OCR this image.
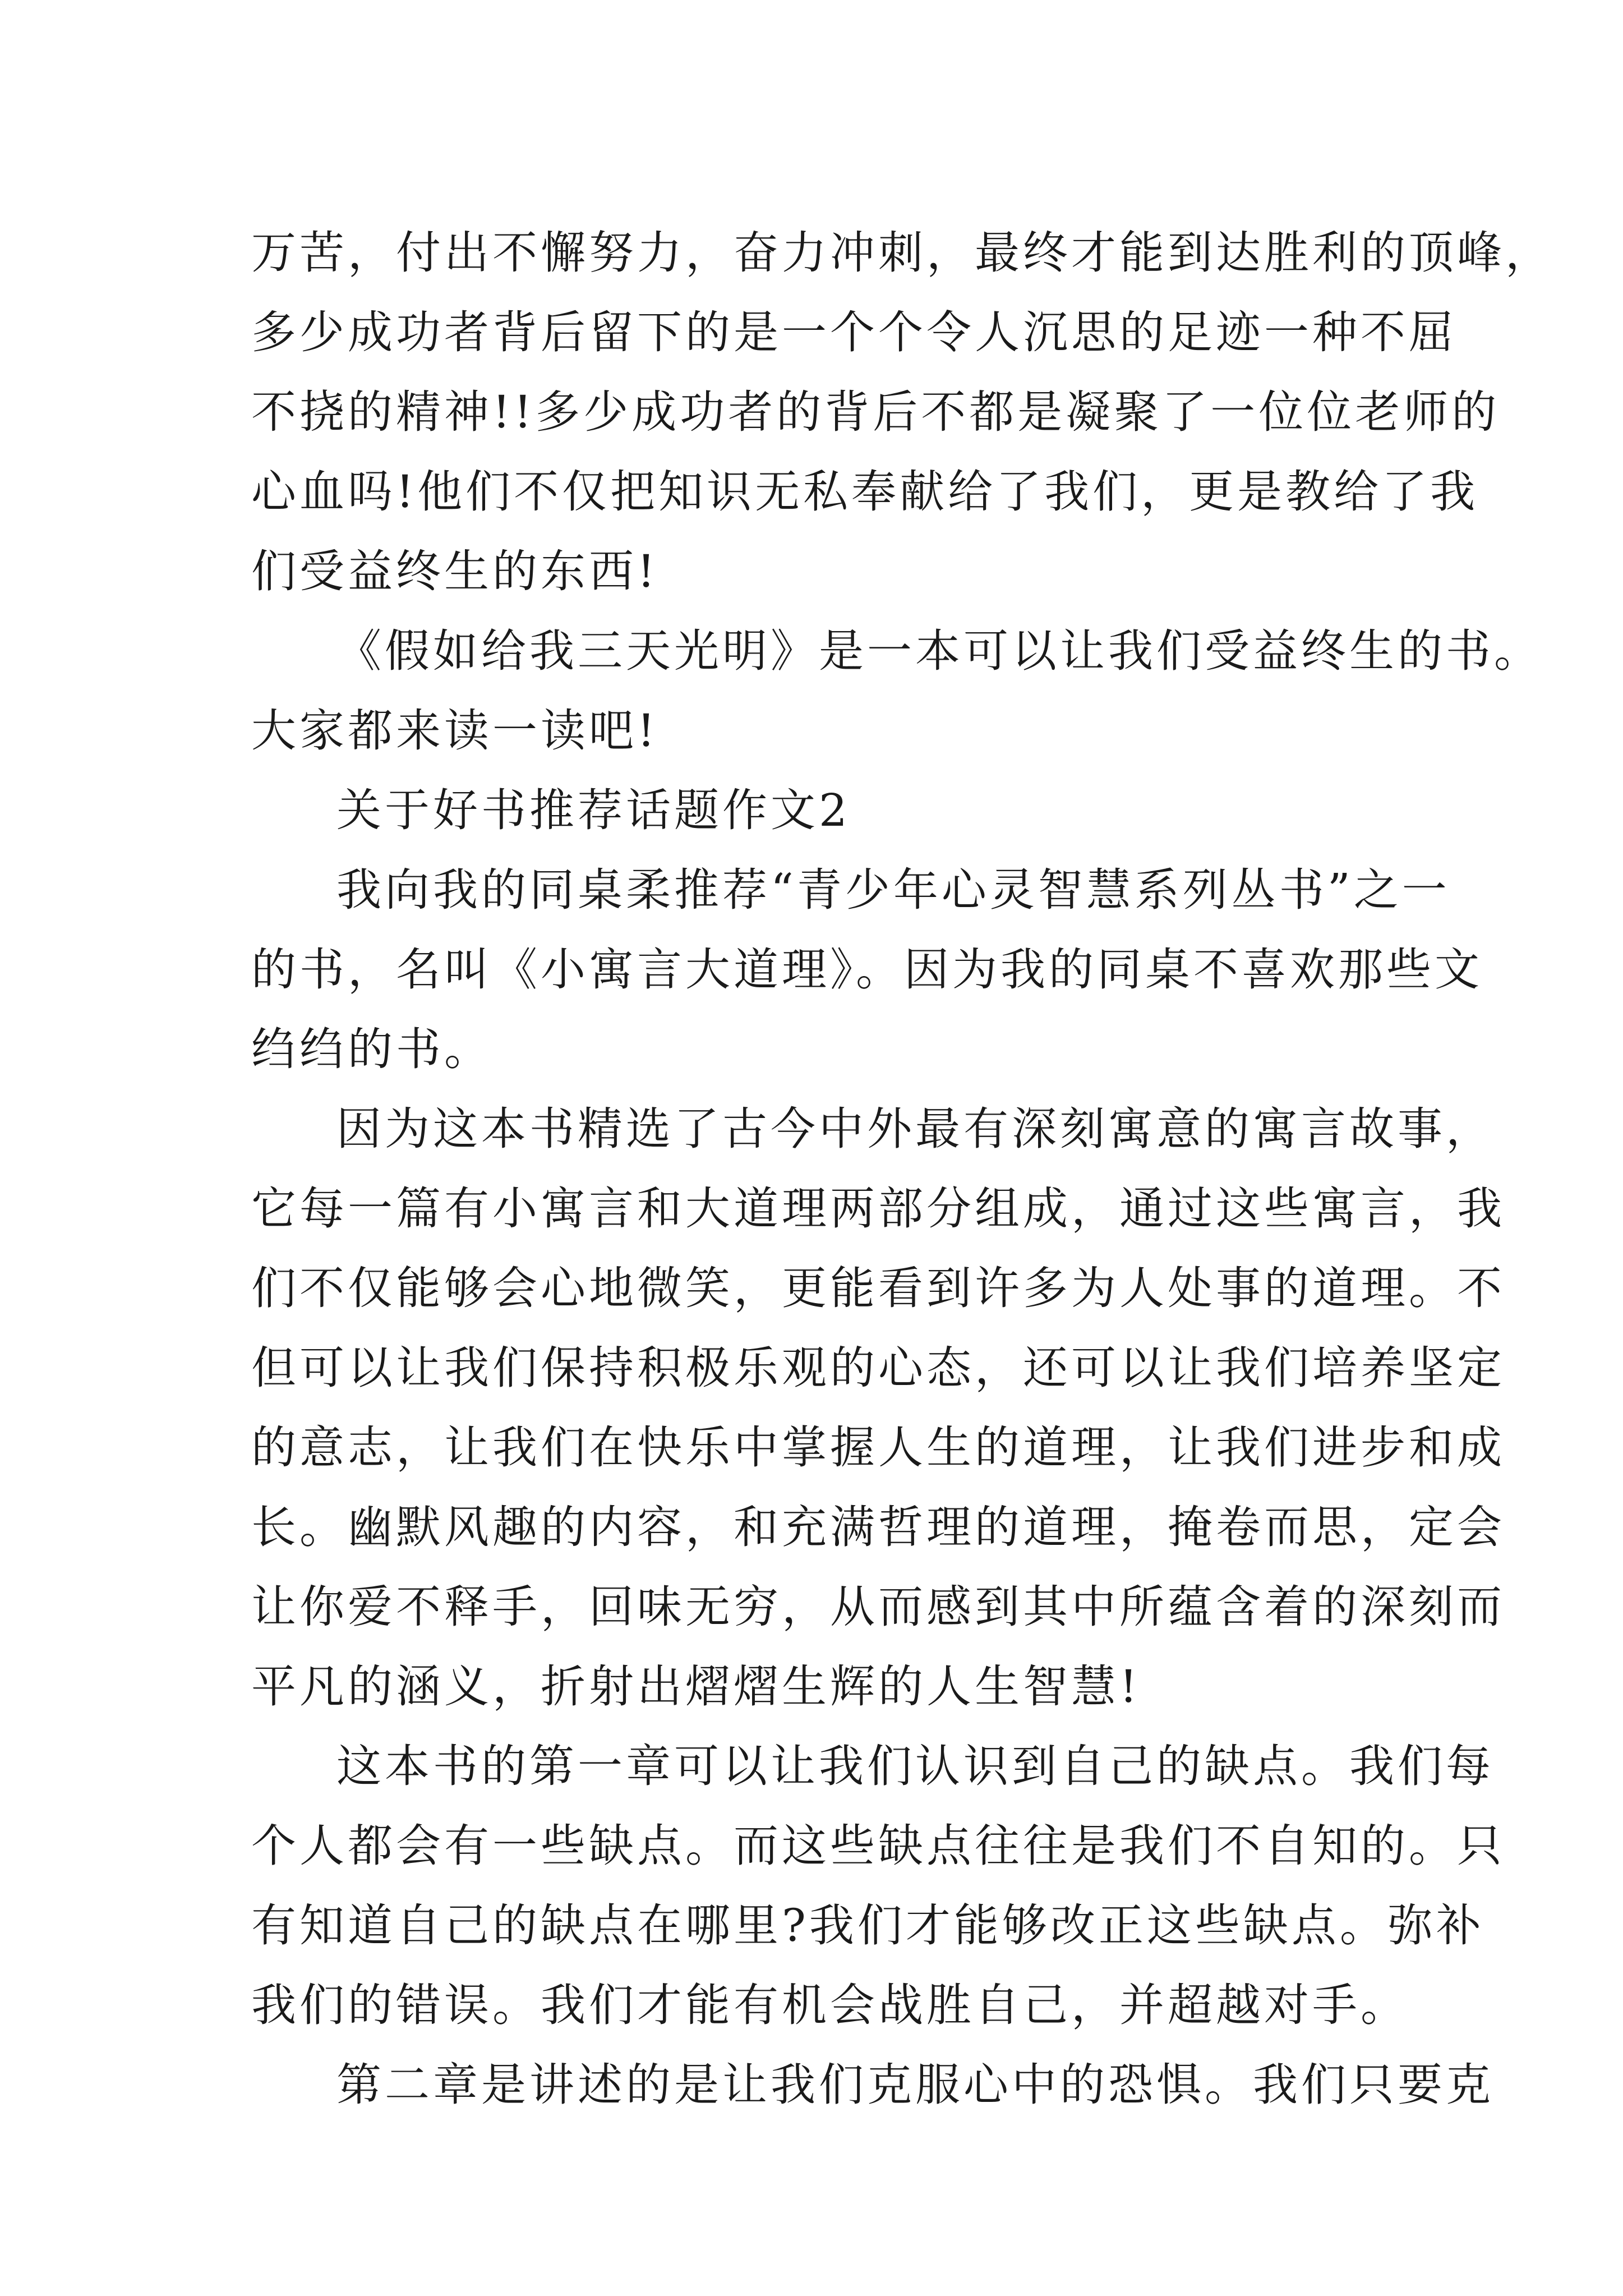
万苦，付出不懈努力，奋力冲刺，最终才能到达胜利的顶峰，
多少成功者背后留下的是一个个令人沉思的足迹一种不屈
不挠的精神!!多少成功者的背后不都是凝聚了一位位老师的
心血吗!他们不仅把知识无私奉献给了我们，更是教给了我
们受益终生的东西!
《假如给我三天光明》是一本可以让我们受益终生的书。
大家都来读一读吧!
关于好书推荐话题作文2
我向我的同桌柔推荐“青少年心灵智慧系列丛书”之一
的书，名叫《小寓言大道理》。因为我的同桌不喜欢那些文
绉绉的书。
因为这本书精选了古今中外最有深刻寓意的寓言故事，
它每一篇有小寓言和大道理两部分组成，通过这些寓言，我
们不仅能够会心地微笑，更能看到许多为人处事的道理。不
但可以让我们保持积极乐观的心态，还可以让我们培养坚定
的意志，让我们在快乐中掌握人生的道理，让我们进步和成
长。幽默风趣的内容，和充满哲理的道理，掩卷而思，定会
让你爱不释手，回味无穷，从而感到其中所蕴含着的深刻而
平凡的涵义，折射出熠熠生辉的人生智慧!
这本书的第一章可以让我们认识到自己的缺点。我们每
个人都会有一些缺点。而这些缺点往往是我们不自知的。只
有知道自己的缺点在哪里?我们才能够改正这些缺点。弥补
我们的错误。我们才能有机会战胜自己，并超越对手。
第二章是讲述的是让我们克服心中的恐惧。我们只要克
